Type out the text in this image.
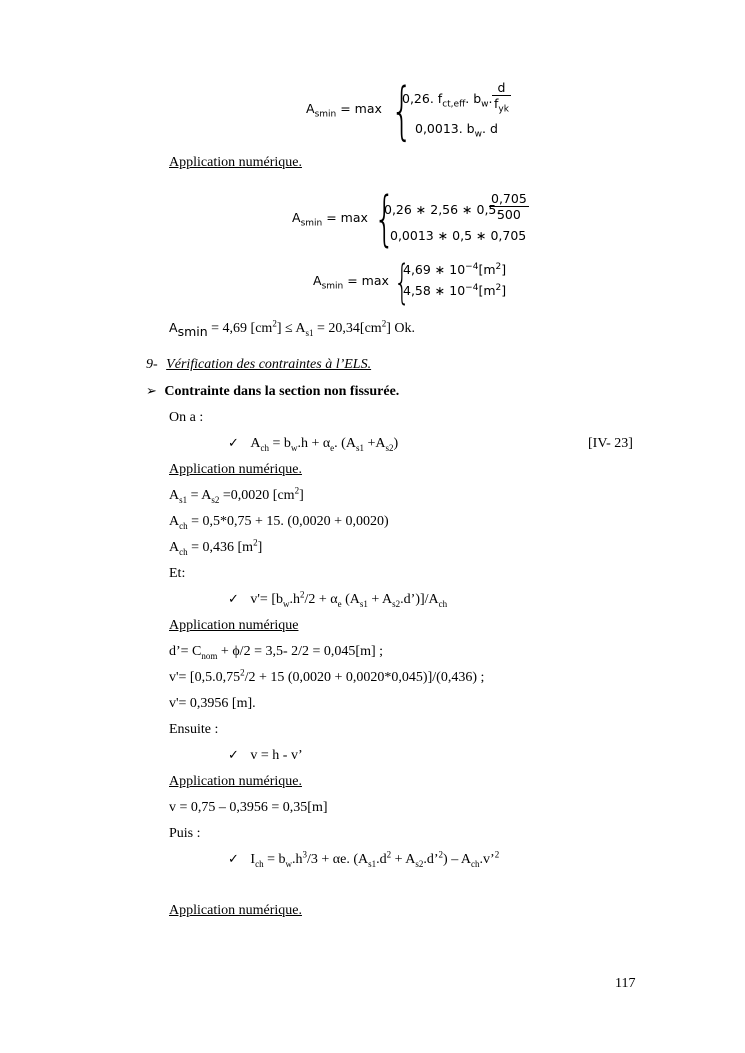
$A_{smin} = \max$ {
0,26. $f_{ct,eff}$. $b_w$. $\frac{d}{f_{yk}}$
0,0013. $b_w$. d
Application numérique.
$A_{smin} = \max$ {
0,26 ∗ 2,56 ∗ 0,5.
$\frac{0,705}{500}$
0,0013 ∗ 0,5 ∗ 0,705
$A_{smin} = \max$ {
4,69 ∗ $10^{-4}[m^2]$
4,58 ∗ $10^{-4}[m^2]$
$A_{smin} = 4,69$ $[cm^2] \le A_{s1} = 20,34[cm^2]$ Ok.
9- Vérification des contraintes à l’ELS.
➢ Contrainte dans la section non fissurée.
On a :
✓ $A_{ch} = b_w.h + \alpha_e$. $(A_{s1} +A_{s2})$	[IV- 23]
Application numérique.
$A_{s1} = A_{s2} =0,0020$ $[cm^2]$
$A_{ch} = 0,5*0,75 + 15$. (0,0020 + 0,0020)
$A_{ch} = 0,436$ $[m^2]$
Et:
✓ $v'= [b_w.h^2/2 + \alpha_e$ ($A_{s1}$ + $A_{s2}.d’)]/A_{ch}$
Application numérique
d’= $C_{nom} + \phi/2 = 3,5-$ 2/2 = 0,045[m] ;
$v'= [0,5.0,75^2/2 + 15$ (0,0020 + 0,0020*0,045)]/(0,436) ;
v'= 0,3956 [m].
Ensuite :
✓ v = h - v’
Application numérique.
v = 0,75 – 0,3956 = 0,35[m]
Puis :
✓ $I_{ch} = b_w.h^3/3 + \alpha e$. ($A_{s1}.d^2$ + $A_{s2}.d’^2$) – $A_{ch}.v’^2$
Application numérique.
117
